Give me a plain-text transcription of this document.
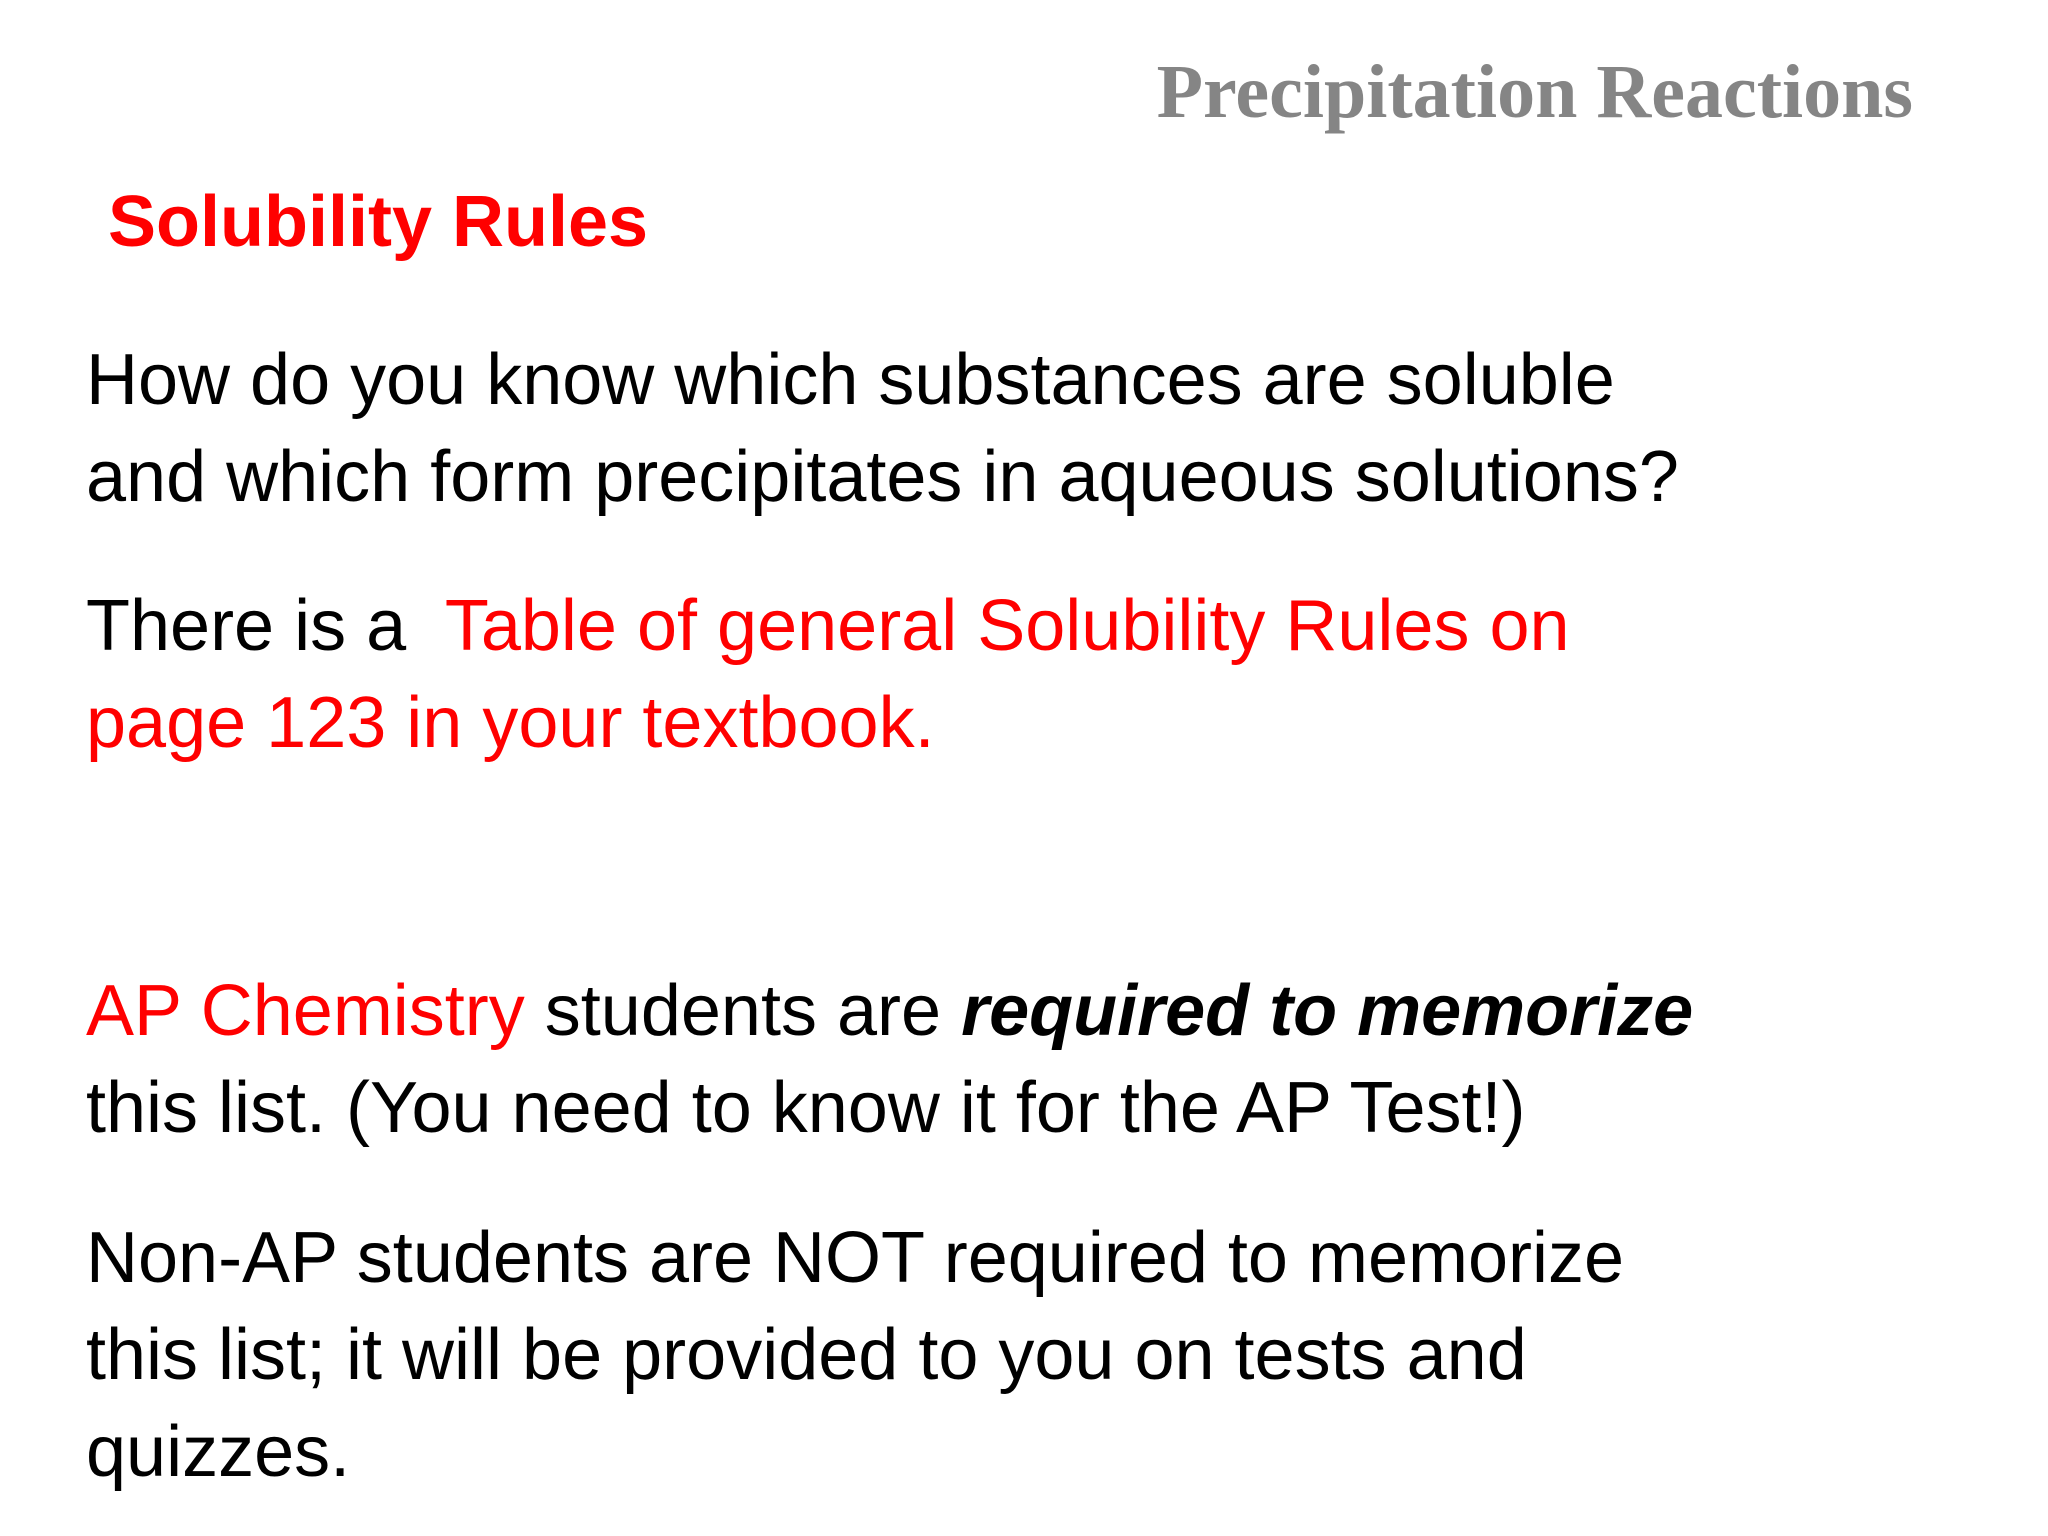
Precipitation Reactions
Solubility Rules
How do you know which substances are soluble
and which form precipitates in aqueous solutions?
There is a  Table of general Solubility Rules on
page 123 in your textbook.
AP Chemistry students are required to memorize
this list. (You need to know it for the AP Test!)
Non-AP students are NOT required to memorize
this list; it will be provided to you on tests and
quizzes.
